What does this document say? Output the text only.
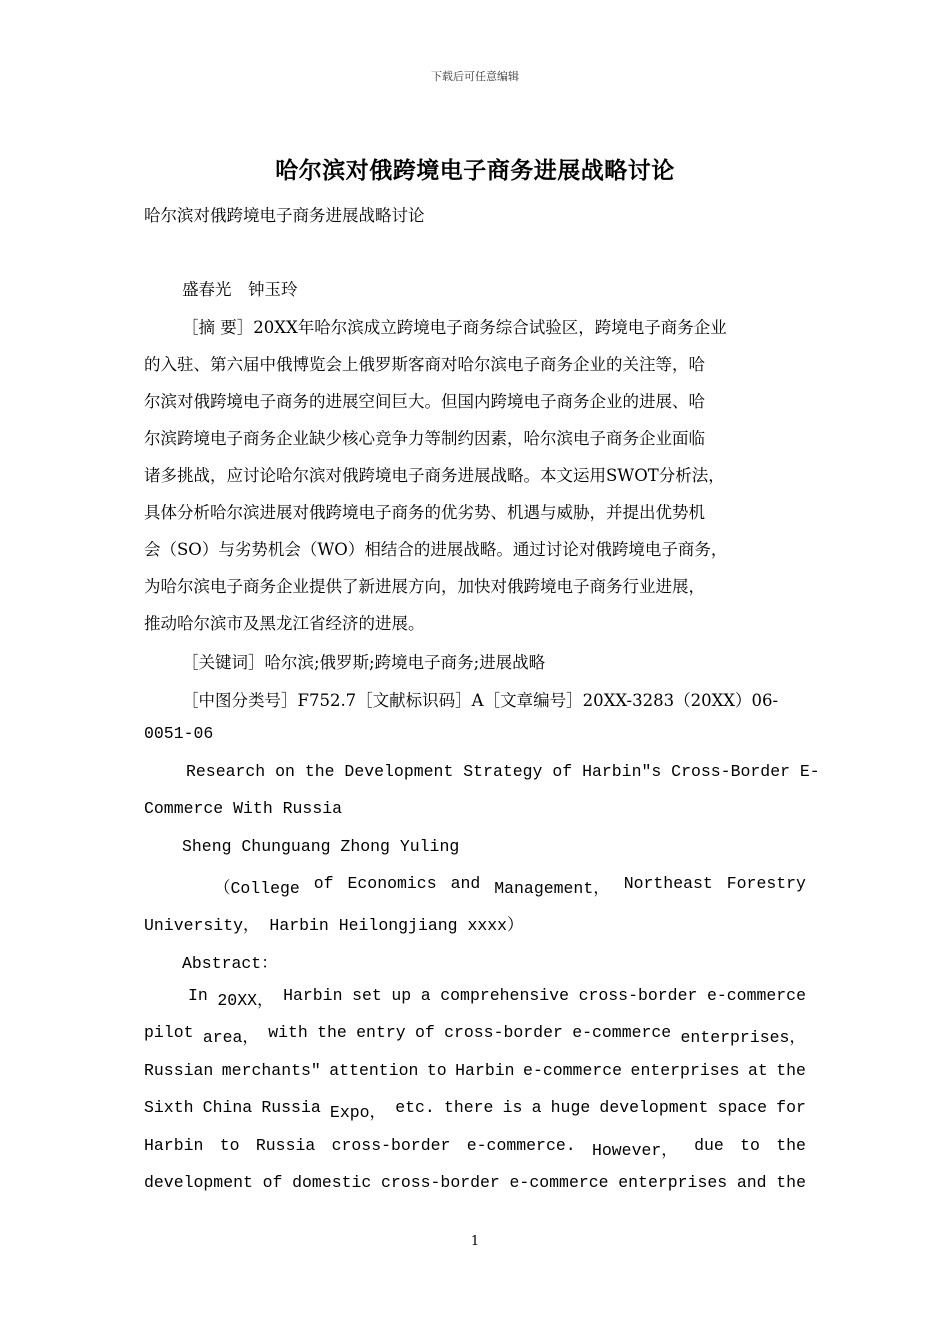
下载后可任意编辑
哈尔滨对俄跨境电子商务进展战略讨论
哈尔滨对俄跨境电子商务进展战略讨论
盛春光　钟玉玲
［摘 要］20XX年哈尔滨成立跨境电子商务综合试验区，跨境电子商务企业
的入驻、第六届中俄博览会上俄罗斯客商对哈尔滨电子商务企业的关注等，哈
尔滨对俄跨境电子商务的进展空间巨大。但国内跨境电子商务企业的进展、哈
尔滨跨境电子商务企业缺少核心竞争力等制约因素，哈尔滨电子商务企业面临
诸多挑战，应讨论哈尔滨对俄跨境电子商务进展战略。本文运用SWOT分析法，
具体分析哈尔滨进展对俄跨境电子商务的优劣势、机遇与威胁，并提出优势机
会（SO）与劣势机会（WO）相结合的进展战略。通过讨论对俄跨境电子商务，
为哈尔滨电子商务企业提供了新进展方向，加快对俄跨境电子商务行业进展，
推动哈尔滨市及黑龙江省经济的进展。
［关键词］哈尔滨;俄罗斯;跨境电子商务;进展战略
［中图分类号］F752.7［文献标识码］A［文章编号］20XX-3283（20XX）06-
0051-06
Research on the Development Strategy of Harbin″s Cross-Border E-
Commerce With Russia
Sheng Chunguang Zhong Yuling
（College of Economics and Management， Northeast Forestry
University， Harbin Heilongjiang xxxx）
Abstract：
In 20XX， Harbin set up a comprehensive cross-border e-commerce
pilot area， with the entry of cross-border e-commerce enterprises，
Russian merchants″ attention to Harbin e-commerce enterprises at the
Sixth China Russia Expo， etc. there is a huge development space for
Harbin to Russia cross-border e-commerce. However， due to the
development of domestic cross-border e-commerce enterprises and the
1
